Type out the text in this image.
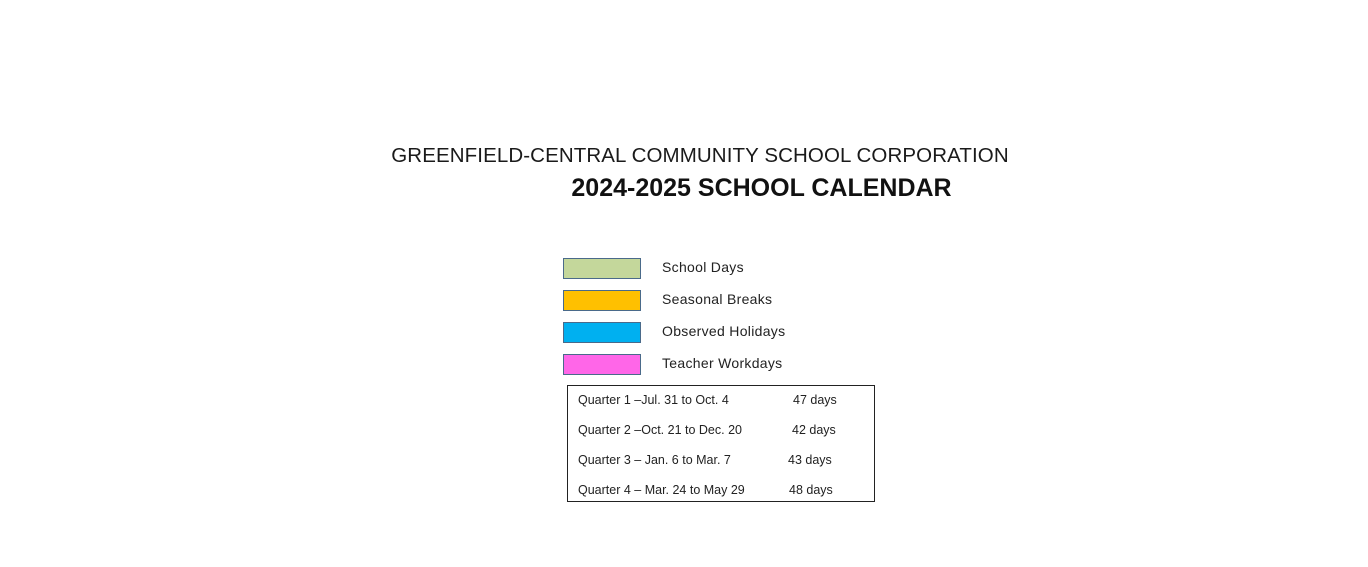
GREENFIELD-CENTRAL COMMUNITY SCHOOL CORPORATION
2024-2025 SCHOOL CALENDAR
School Days
Seasonal Breaks
Observed Holidays
Teacher Workdays
Quarter 1 –Jul. 31 to Oct. 4	47 days
Quarter 2 –Oct. 21 to Dec. 20	42 days
Quarter 3 – Jan. 6 to Mar. 7	43 days
Quarter 4 – Mar. 24 to May 29	48 days
